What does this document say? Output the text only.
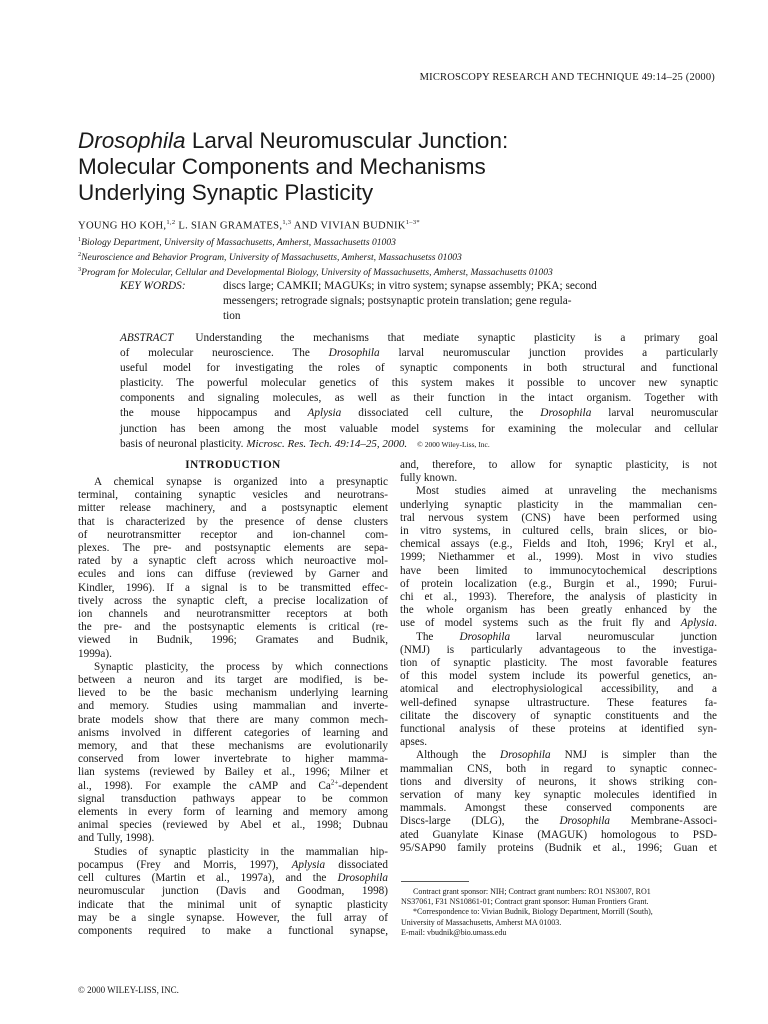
MICROSCOPY RESEARCH AND TECHNIQUE 49:14–25 (2000)
Drosophila Larval Neuromuscular Junction:
Molecular Components and Mechanisms
Underlying Synaptic Plasticity
YOUNG HO KOH,$^{1,2}$ L. SIAN GRAMATES,$^{1,3}$ AND VIVIAN $BUDNIK^{1-3*}$
$^1$Biology Department, University of Massachusetts, Amherst, Massachusetts 01003
$^2$Neuroscience and Behavior Program, University of Massachusetts, Amherst, Massachusetss 01003
$^3$Program for Molecular, Cellular and Developmental Biology, University of Massachusetts, Amherst, Massachusetts 01003
KEY WORDS:	discs large; CAMKII; MAGUKs; in vitro system; synapse assembly; PKA; second
messengers; retrograde signals; postsynaptic protein translation; gene regula-
tion
ABSTRACT Understanding the mechanisms that mediate synaptic plasticity is a primary goal
of molecular neuroscience. The Drosophila larval neuromuscular junction provides a particularly
useful model for investigating the roles of synaptic components in both structural and functional
plasticity. The powerful molecular genetics of this system makes it possible to uncover new synaptic
components and signaling molecules, as well as their function in the intact organism. Together with
the mouse hippocampus and Aplysia dissociated cell culture, the Drosophila larval neuromuscular
junction has been among the most valuable model systems for examining the molecular and cellular
basis of neuronal plasticity. Microsc. Res. Tech. 49:14–25, 2000. © 2000 Wiley-Liss, Inc.
INTRODUCTION
A chemical synapse is organized into a presynaptic
terminal, containing synaptic vesicles and neurotrans-
mitter release machinery, and a postsynaptic element
that is characterized by the presence of dense clusters
of neurotransmitter receptor and ion-channel com-
plexes. The pre- and postsynaptic elements are sepa-
rated by a synaptic cleft across which neuroactive mol-
ecules and ions can diffuse (reviewed by Garner and
Kindler, 1996). If a signal is to be transmitted effec-
tively across the synaptic cleft, a precise localization of
ion channels and neurotransmitter receptors at both
the pre- and the postsynaptic elements is critical (re-
viewed in Budnik, 1996; Gramates and Budnik,
1999a).
Synaptic plasticity, the process by which connections
between a neuron and its target are modified, is be-
lieved to be the basic mechanism underlying learning
and memory. Studies using mammalian and inverte-
brate models show that there are many common mech-
anisms involved in different categories of learning and
memory, and that these mechanisms are evolutionarily
conserved from lower invertebrate to higher mamma-
lian systems (reviewed by Bailey et al., 1996; Milner et
al., 1998). For example the cAMP and $Ca^{2+}$-dependent
signal transduction pathways appear to be common
elements in every form of learning and memory among
animal species (reviewed by Abel et al., 1998; Dubnau
and Tully, 1998).
Studies of synaptic plasticity in the mammalian hip-
pocampus (Frey and Morris, 1997), Aplysia dissociated
cell cultures (Martin et al., 1997a), and the Drosophila
neuromuscular junction (Davis and Goodman, 1998)
indicate that the minimal unit of synaptic plasticity
may be a single synapse. However, the full array of
components required to make a functional synapse,
and, therefore, to allow for synaptic plasticity, is not
fully known.
Most studies aimed at unraveling the mechanisms
underlying synaptic plasticity in the mammalian cen-
tral nervous system (CNS) have been performed using
in vitro systems, in cultured cells, brain slices, or bio-
chemical assays (e.g., Fields and Itoh, 1996; Kryl et al.,
1999; Niethammer et al., 1999). Most in vivo studies
have been limited to immunocytochemical descriptions
of protein localization (e.g., Burgin et al., 1990; Furui-
chi et al., 1993). Therefore, the analysis of plasticity in
the whole organism has been greatly enhanced by the
use of model systems such as the fruit fly and Aplysia.
The Drosophila larval neuromuscular junction
(NMJ) is particularly advantageous to the investiga-
tion of synaptic plasticity. The most favorable features
of this model system include its powerful genetics, an-
atomical and electrophysiological accessibility, and a
well-defined synapse ultrastructure. These features fa-
cilitate the discovery of synaptic constituents and the
functional analysis of these proteins at identified syn-
apses.
Although the Drosophila NMJ is simpler than the
mammalian CNS, both in regard to synaptic connec-
tions and diversity of neurons, it shows striking con-
servation of many key synaptic molecules identified in
mammals. Amongst these conserved components are
Discs-large (DLG), the Drosophila Membrane-Associ-
ated Guanylate Kinase (MAGUK) homologous to PSD-
95/SAP90 family proteins (Budnik et al., 1996; Guan et
Contract grant sponsor: NIH; Contract grant numbers: RO1 NS3007, RO1
NS37061, F31 NS10861-01; Contract grant sponsor: Human Frontiers Grant.
*Correspondence to: Vivian Budnik, Biology Department, Morrill (South),
University of Massachusetts, Amherst MA 01003.
E-mail: vbudnik@bio.umass.edu
© 2000 WILEY-LISS, INC.
